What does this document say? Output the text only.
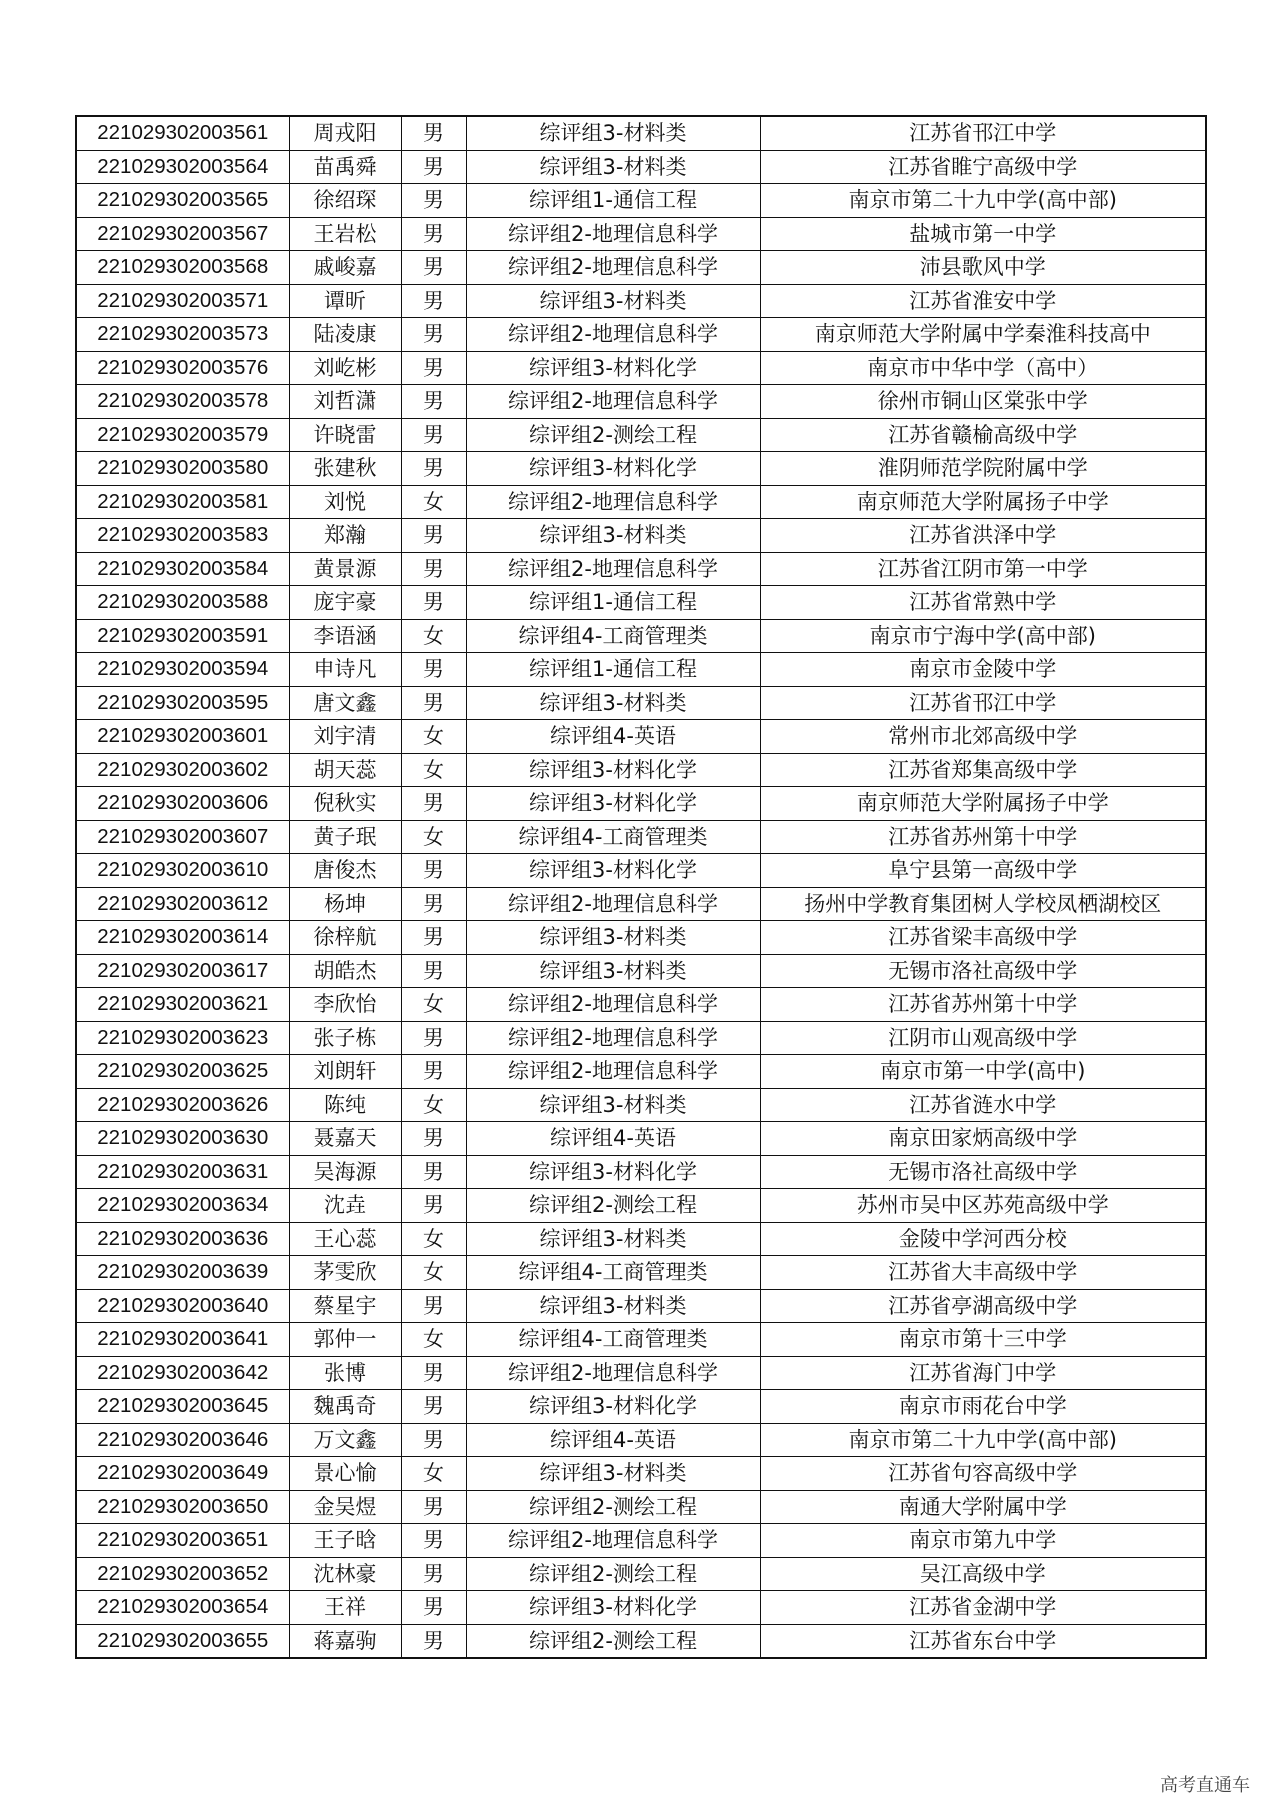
221029302003561	周戎阳	男	综评组3-材料类	江苏省邗江中学
221029302003564	苗禹舜	男	综评组3-材料类	江苏省睢宁高级中学
221029302003565	徐绍琛	男	综评组1-通信工程	南京市第二十九中学(高中部)
221029302003567	王岩松	男	综评组2-地理信息科学	盐城市第一中学
221029302003568	戚峻嘉	男	综评组2-地理信息科学	沛县歌风中学
221029302003571	谭昕	男	综评组3-材料类	江苏省淮安中学
221029302003573	陆凌康	男	综评组2-地理信息科学	南京师范大学附属中学秦淮科技高中
221029302003576	刘屹彬	男	综评组3-材料化学	南京市中华中学（高中）
221029302003578	刘哲潇	男	综评组2-地理信息科学	徐州市铜山区棠张中学
221029302003579	许晓雷	男	综评组2-测绘工程	江苏省赣榆高级中学
221029302003580	张建秋	男	综评组3-材料化学	淮阴师范学院附属中学
221029302003581	刘悦	女	综评组2-地理信息科学	南京师范大学附属扬子中学
221029302003583	郑瀚	男	综评组3-材料类	江苏省洪泽中学
221029302003584	黄景源	男	综评组2-地理信息科学	江苏省江阴市第一中学
221029302003588	庞宇豪	男	综评组1-通信工程	江苏省常熟中学
221029302003591	李语涵	女	综评组4-工商管理类	南京市宁海中学(高中部)
221029302003594	申诗凡	男	综评组1-通信工程	南京市金陵中学
221029302003595	唐文鑫	男	综评组3-材料类	江苏省邗江中学
221029302003601	刘宇清	女	综评组4-英语	常州市北郊高级中学
221029302003602	胡天蕊	女	综评组3-材料化学	江苏省郑集高级中学
221029302003606	倪秋实	男	综评组3-材料化学	南京师范大学附属扬子中学
221029302003607	黄子珉	女	综评组4-工商管理类	江苏省苏州第十中学
221029302003610	唐俊杰	男	综评组3-材料化学	阜宁县第一高级中学
221029302003612	杨坤	男	综评组2-地理信息科学	扬州中学教育集团树人学校凤栖湖校区
221029302003614	徐梓航	男	综评组3-材料类	江苏省梁丰高级中学
221029302003617	胡皓杰	男	综评组3-材料类	无锡市洛社高级中学
221029302003621	李欣怡	女	综评组2-地理信息科学	江苏省苏州第十中学
221029302003623	张子栋	男	综评组2-地理信息科学	江阴市山观高级中学
221029302003625	刘朗轩	男	综评组2-地理信息科学	南京市第一中学(高中)
221029302003626	陈纯	女	综评组3-材料类	江苏省涟水中学
221029302003630	聂嘉天	男	综评组4-英语	南京田家炳高级中学
221029302003631	吴海源	男	综评组3-材料化学	无锡市洛社高级中学
221029302003634	沈垚	男	综评组2-测绘工程	苏州市吴中区苏苑高级中学
221029302003636	王心蕊	女	综评组3-材料类	金陵中学河西分校
221029302003639	茅雯欣	女	综评组4-工商管理类	江苏省大丰高级中学
221029302003640	蔡星宇	男	综评组3-材料类	江苏省亭湖高级中学
221029302003641	郭仲一	女	综评组4-工商管理类	南京市第十三中学
221029302003642	张博	男	综评组2-地理信息科学	江苏省海门中学
221029302003645	魏禹奇	男	综评组3-材料化学	南京市雨花台中学
221029302003646	万文鑫	男	综评组4-英语	南京市第二十九中学(高中部)
221029302003649	景心愉	女	综评组3-材料类	江苏省句容高级中学
221029302003650	金吴煜	男	综评组2-测绘工程	南通大学附属中学
221029302003651	王子晗	男	综评组2-地理信息科学	南京市第九中学
221029302003652	沈林豪	男	综评组2-测绘工程	吴江高级中学
221029302003654	王祥	男	综评组3-材料化学	江苏省金湖中学
221029302003655	蒋嘉驹	男	综评组2-测绘工程	江苏省东台中学
高考直通车
